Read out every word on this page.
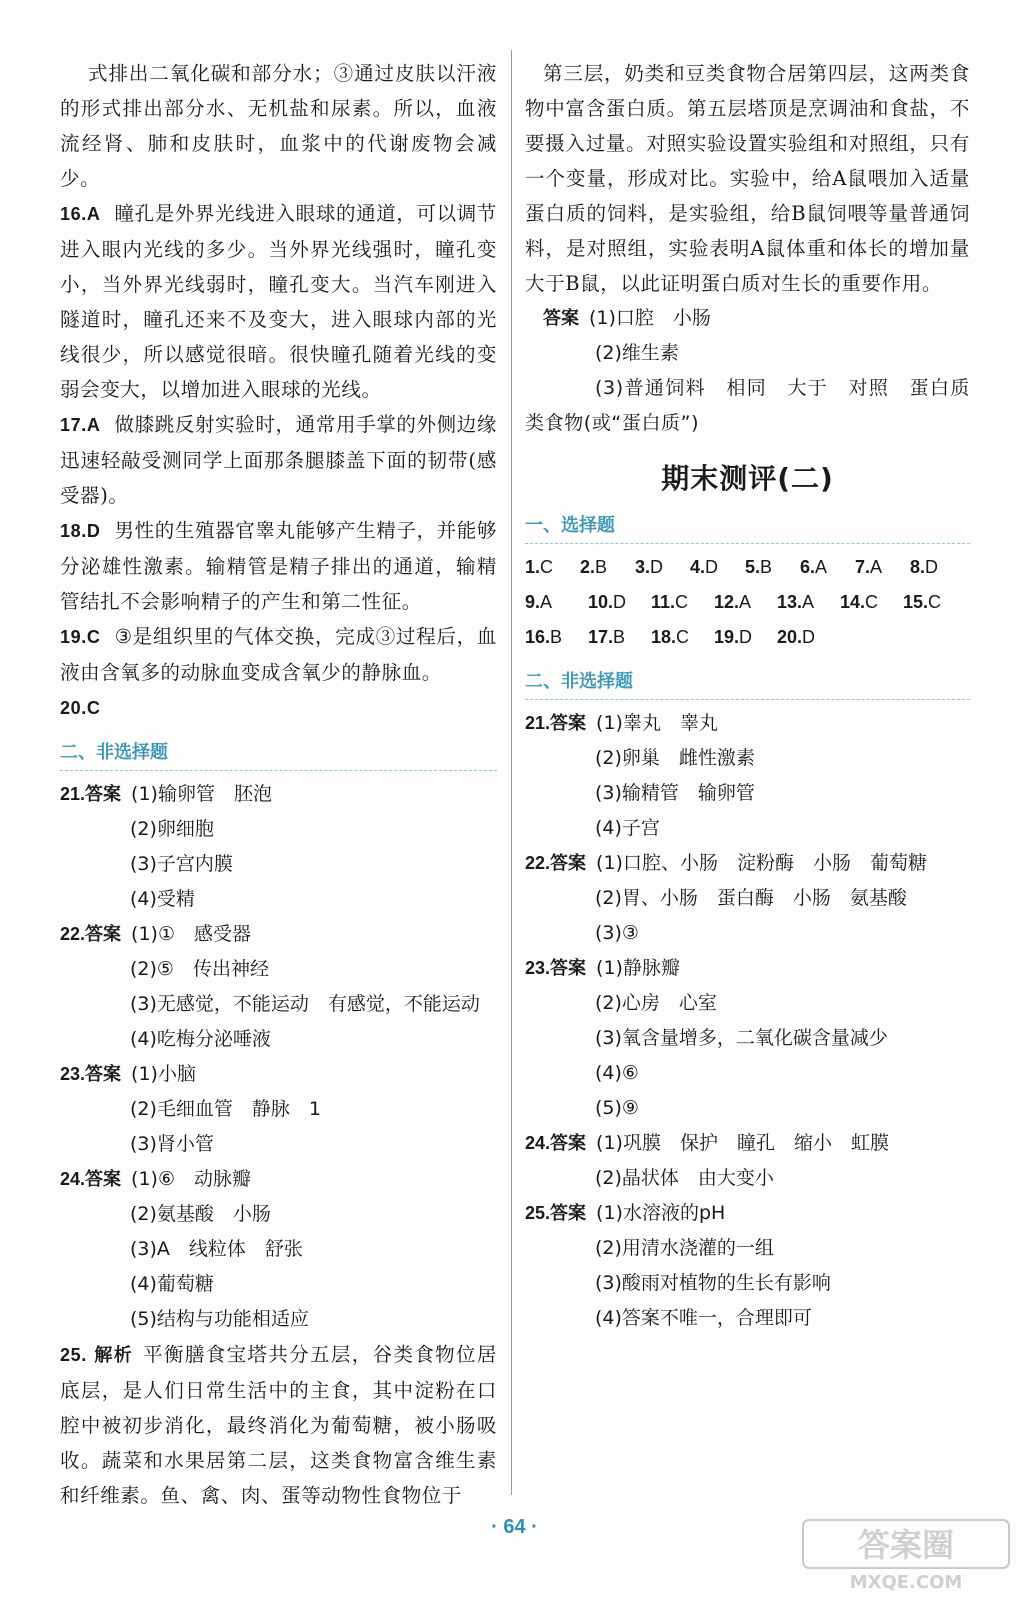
式排出二氧化碳和部分水；③通过皮肤以汗液的形式排出部分水、无机盐和尿素。所以，血液流经肾、肺和皮肤时，血浆中的代谢废物会减少。

16.A 瞳孔是外界光线进入眼球的通道，可以调节进入眼内光线的多少。当外界光线强时，瞳孔变小，当外界光线弱时，瞳孔变大。当汽车刚进入隧道时，瞳孔还来不及变大，进入眼球内部的光线很少，所以感觉很暗。很快瞳孔随着光线的变弱会变大，以增加进入眼球的光线。

17.A 做膝跳反射实验时，通常用手掌的外侧边缘迅速轻敲受测同学上面那条腿膝盖下面的韧带(感受器)。

18.D 男性的生殖器官睾丸能够产生精子，并能够分泌雄性激素。输精管是精子排出的通道，输精管结扎不会影响精子的产生和第二性征。

19.C ③是组织里的气体交换，完成③过程后，血液由含氧多的动脉血变成含氧少的静脉血。

20.C

二、非选择题
21.答案 (1)输卵管　胚泡
(2)卵细胞
(3)子宫内膜
(4)受精
22.答案 (1)①　感受器
(2)⑤　传出神经
(3)无感觉，不能运动　有感觉，不能运动
(4)吃梅分泌唾液
23.答案 (1)小脑
(2)毛细血管　静脉　1
(3)肾小管
24.答案 (1)⑥　动脉瓣
(2)氨基酸　小肠
(3)A　线粒体　舒张
(4)葡萄糖
(5)结构与功能相适应

25. 解析 平衡膳食宝塔共分五层，谷类食物位居底层，是人们日常生活中的主食，其中淀粉在口腔中被初步消化，最终消化为葡萄糖，被小肠吸收。蔬菜和水果居第二层，这类食物富含维生素和纤维素。鱼、禽、肉、蛋等动物性食物位于

第三层，奶类和豆类食物合居第四层，这两类食物中富含蛋白质。第五层塔顶是烹调油和食盐，不要摄入过量。对照实验设置实验组和对照组，只有一个变量，形成对比。实验中，给A鼠喂加入适量蛋白质的饲料，是实验组，给B鼠饲喂等量普通饲料，是对照组，实验表明A鼠体重和体长的增加量大于B鼠，以此证明蛋白质对生长的重要作用。

答案 (1)口腔　小肠
(2)维生素

(3)普通饲料　相同　大于　对照　蛋白质类食物(或“蛋白质”)

期末测评(二)
一、选择题
1.C	2.B	3.D	4.D	5.B	6.A	7.A	8.D
9.A	10.D	11.C	12.A	13.A	14.C	15.C
16.B	17.B	18.C	19.D	20.D
二、非选择题
21.答案 (1)睾丸　睾丸
(2)卵巢　雌性激素
(3)输精管　输卵管
(4)子宫
22.答案 (1)口腔、小肠　淀粉酶　小肠　葡萄糖
(2)胃、小肠　蛋白酶　小肠　氨基酸
(3)③
23.答案 (1)静脉瓣
(2)心房　心室
(3)氧含量增多，二氧化碳含量减少
(4)⑥
(5)⑨
24.答案 (1)巩膜　保护　瞳孔　缩小　虹膜
(2)晶状体　由大变小
25.答案 (1)水溶液的pH
(2)用清水浇灌的一组
(3)酸雨对植物的生长有影响
(4)答案不唯一，合理即可
· 64 ·	答案圈
MXQE.COM
